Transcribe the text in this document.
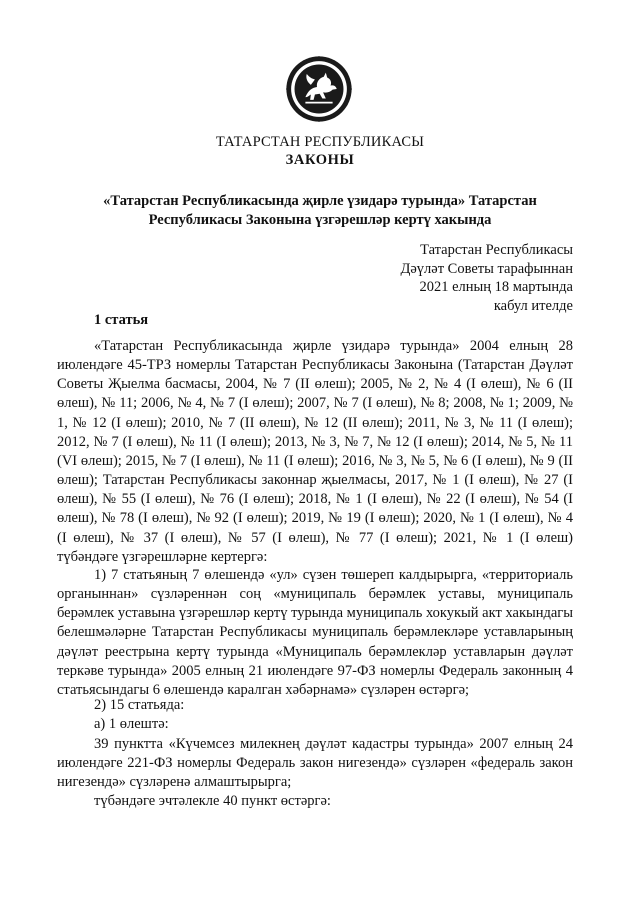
ТАТАРСТАН РЕСПУБЛИКАСЫ
ЗАКОНЫ
«Татарстан Республикасында җирле үзидарә турында» Татарстан
Республикасы Законына үзгәрешләр кертү хакында
Татарстан Республикасы
Дәүләт Советы тарафыннан
2021 елның 18 мартында
кабул ителде
1 статья
«Татарстан Республикасында җирле үзидарә турында» 2004 елның 28 июлендәге 45-ТРЗ номерлы Татарстан Республикасы Законына (Татарстан Дәүләт Советы Җыелма басмасы, 2004, № 7 (II өлеш); 2005, № 2, № 4 (I өлеш), № 6 (II өлеш), № 11; 2006, № 4, № 7 (I өлеш); 2007, № 7 (I өлеш), № 8; 2008, № 1; 2009, № 1, № 12 (I өлеш); 2010, № 7 (II өлеш), № 12 (II өлеш); 2011, № 3, № 11 (I өлеш); 2012, № 7 (I өлеш), № 11 (I өлеш); 2013, № 3, № 7, № 12 (I өлеш); 2014, № 5, № 11 (VI өлеш); 2015, № 7 (I өлеш), № 11 (I өлеш); 2016, № 3, № 5, № 6 (I өлеш), № 9 (II өлеш); Татарстан Республикасы законнар җыелмасы, 2017, № 1 (I өлеш), № 27 (I өлеш), № 55 (I өлеш), № 76 (I өлеш); 2018, № 1 (I өлеш), № 22 (I өлеш), № 54 (I өлеш), № 78 (I өлеш), № 92 (I өлеш); 2019, № 19 (I өлеш); 2020, № 1 (I өлеш), № 4 (I өлеш), № 37 (I өлеш), № 57 (I өлеш), № 77 (I өлеш); 2021, № 1 (I өлеш) түбәндәге үзгәрешләрне кертергә:
1) 7 статьяның 7 өлешендә «ул» сүзен төшереп калдырырга, «территориаль органыннан» сүзләреннән соң «муниципаль берәмлек уставы, муниципаль берәмлек уставына үзгәрешләр кертү турында муниципаль хокукый акт хакындагы белешмәләрне Татарстан Республикасы муниципаль берәмлекләре уставларының дәүләт реестрына кертү турында «Муниципаль берәмлекләр уставларын дәүләт теркәве турында» 2005 елның 21 июлендәге 97-ФЗ номерлы Федераль законның 4 статьясындагы 6 өлешендә каралган хәбәрнамә» сүзләрен өстәргә;
2) 15 статьяда:
а) 1 өлештә:
39 пунктта «Күчемсез милекнең дәүләт кадастры турында» 2007 елның 24 июлендәге 221-ФЗ номерлы Федераль закон нигезендә» сүзләрен «федераль закон нигезендә» сүзләренә алмаштырырга;
түбәндәге эчтәлекле 40 пункт өстәргә:
